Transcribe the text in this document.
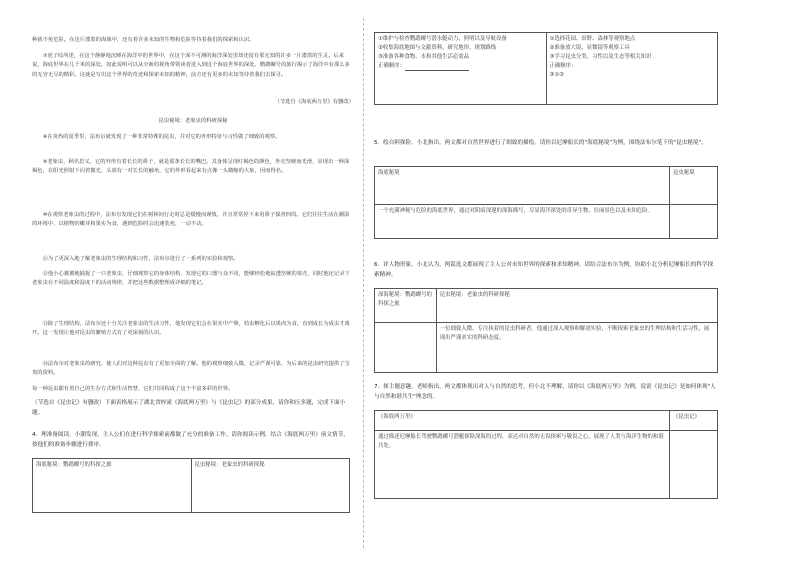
种就不免危险。在这片漆黑的海域中，还有着许多未知的生物和危险等待着我们的探索和认识。
⑦虎子综所述，在这个静静地沉睡在海洋中的世界中，在这个深不可测的海洋深处里却还留有那无知的许多一片漆黑的生灵。后来说，海底世界在几千米的深处。如此说明可以从全新的视角带领读者进入到这个海底世界的深处，鹦鹉螺号的旅行揭示了海洋中有那么多的无穷无尽的精彩。这就是写出这个世界的奇迹和探索未知的精神，前方还有更多的未知等待着我们去探寻。
（节选自《海底两万里》有删改）
昆虫秘境：老象虫的科研探秘
⑧在炎热的夏季里，法布尔就发现了一种非常特殊的昆虫，并对它的外形特征与习性做了细致的观察。
⑨老象虫，顾名思义，它的外形有着长长的鼻子，就是那条长长的嘴巴。其身体呈现红褐色的颜色，外壳坚硬而光滑，显现出一种深褐色，在阳光照射下闪着微光，头部有一对长长的触角，它的外形看起来有点像一头微缩的大象，因而得名。
⑩在观察老象虫的过程中，法布尔发现它们在树林间行走时总是缓慢而谨慎，并且常常停下来用鼻子探查四周。它们往往生活在潮湿的环境中，以植物的嫩芽和果实为食，遇到危险时会迅速装死，一动不动。
⑪为了更深入地了解老象虫的生理结构和习性，法布尔进行了一系列的实验和观察。
⑫他小心翼翼地捕捉了一只老象虫，仔细观察它的身体结构，发现它的口器与众不同，能够轻松地钻透坚硬的果壳，同时他还记录下老象虫在不同温度和湿度下的活动规律，并把这些数据整理成详细的笔记。
⑬除了生理结构，法布尔还十分关注老象虫的生活习性，他发现它们会在果实中产卵，幼虫孵化后以果肉为食，直到成长为成虫才离开。这一发现让他对昆虫的繁殖方式有了更深刻的认识。
⑭法布尔对老象虫的研究，使人们对这种昆虫有了更加全面的了解。他的观察细致入微，记录严谨可靠，为后来的昆虫研究提供了宝贵的资料。
每一种昆虫都有着自己的生存方式和生活智慧，它们共同构成了这个丰富多彩的世界。
（节选自《昆虫记》有删改）下面表格展示了湖北省梓潼《海底两万里》与《昆虫记》的部分成果，请你和压多题，完成下面小题。
4．理准备阅读。小潮发现，主人公们在进行科学探索前都做了充分的准备工作。请你阅读示例，结合《海底两万里》前文情节，按他们的准备步骤进行排序。
海底秘境：鹦鹉螺号的科探之旅	昆虫秘境：老象虫的科研探秘
①维护与检查鹦鹉螺号潜水艇动力、照明以及导航设备
②收集海底地图与文献资料，研究地形、规划路线
③准备各种食物、水和其他生活必需品
正确顺序：

①选择花园、田野、森林等观察地点
②准备放大镜、显微镜等观察工具
③学习昆虫分类、习性以及生态等相关知识
正确顺序：
③①②
5．绘自阿探险。小北指出，两文都对自然世界进行了细致的描绘。请你以尼摩船长的"海底秘境"为例，围绕法布尔笔下的"昆虫秘境"。
海底秘境	昆虫秘境
一个充满神秘与危险的海底世界，通过对阴暗深邃的深海描写，尽显海洋深处的奇异生物、壮丽景色以及未知危险。	
6．评人物形象。小北认为，两篇选文都展现了主人公对未知世界的探索和求知精神。请结合法布尔为例，协助小北分析尼摩船长的科学探索精神。
深海秘境：鹦鹉螺号的科探之旅	昆虫秘境：老象虫的科研探秘
	一位细致入微、专注执着的昆虫科研者。他通过深入观察和解剖实验，不断探索老象虫的生理结构和生活习性，展现出严谨求实的科研态度。
7．探主题意趣。老师指出，两文都体现出对人与自然的思考，但小北不理解，请你以《海底两万里》为例，说说《昆虫记》是如何体现"人与自然和谐共生"理念的。
《海底两万里》	《昆虫记》
通过描述尼摩船长驾驶鹦鹉螺号潜艇探险深海的过程，表达对自然的无畏探索与敬畏之心，展现了人类与海洋生物的和谐共处。	
